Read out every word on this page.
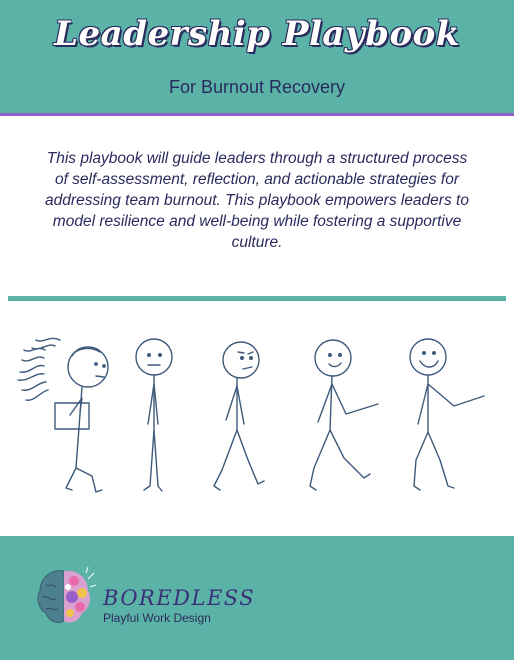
Leadership Playbook
For Burnout Recovery
This playbook will guide leaders through a structured process of self-assessment, reflection, and actionable strategies for addressing team burnout. This playbook empowers leaders to model resilience and well-being while fostering a supportive culture.
BOREDLESS
Playful Work Design
